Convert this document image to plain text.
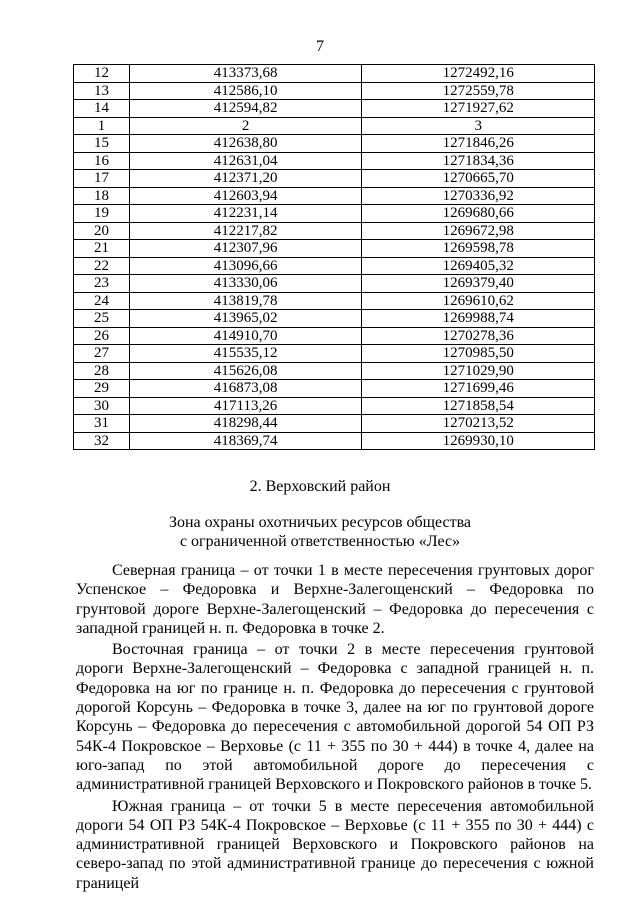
7
12	413373,68	1272492,16
13	412586,10	1272559,78
14	412594,82	1271927,62
1	2	3
15	412638,80	1271846,26
16	412631,04	1271834,36
17	412371,20	1270665,70
18	412603,94	1270336,92
19	412231,14	1269680,66
20	412217,82	1269672,98
21	412307,96	1269598,78
22	413096,66	1269405,32
23	413330,06	1269379,40
24	413819,78	1269610,62
25	413965,02	1269988,74
26	414910,70	1270278,36
27	415535,12	1270985,50
28	415626,08	1271029,90
29	416873,08	1271699,46
30	417113,26	1271858,54
31	418298,44	1270213,52
32	418369,74	1269930,10
2. Верховский район
Зона охраны охотничьих ресурсов общества
с ограниченной ответственностью «Лес»

Северная граница – от точки 1 в месте пересечения грунтовых дорог Успенское – Федоровка и Верхне-Залегощенский – Федоровка по грунтовой дороге Верхне-Залегощенский – Федоровка до пересечения с западной границей н. п. Федоровка в точке 2.

Восточная граница – от точки 2 в месте пересечения грунтовой дороги Верхне-Залегощенский – Федоровка с западной границей н. п. Федоровка на юг по границе н. п. Федоровка до пересечения с грунтовой дорогой Корсунь – Федоровка в точке 3, далее на юг по грунтовой дороге Корсунь – Федоровка до пересечения с автомобильной дорогой 54 ОП РЗ 54К-4 Покровское – Верховье (с 11 + 355 по 30 + 444) в точке 4, далее на юго-запад по этой автомобильной дороге до пересечения с административной границей Верховского и Покровского районов в точке 5.

Южная граница – от точки 5 в месте пересечения автомобильной дороги 54 ОП РЗ 54К-4 Покровское – Верховье (с 11 + 355 по 30 + 444) с административной границей Верховского и Покровского районов на северо-запад по этой административной границе до пересечения с южной границей
